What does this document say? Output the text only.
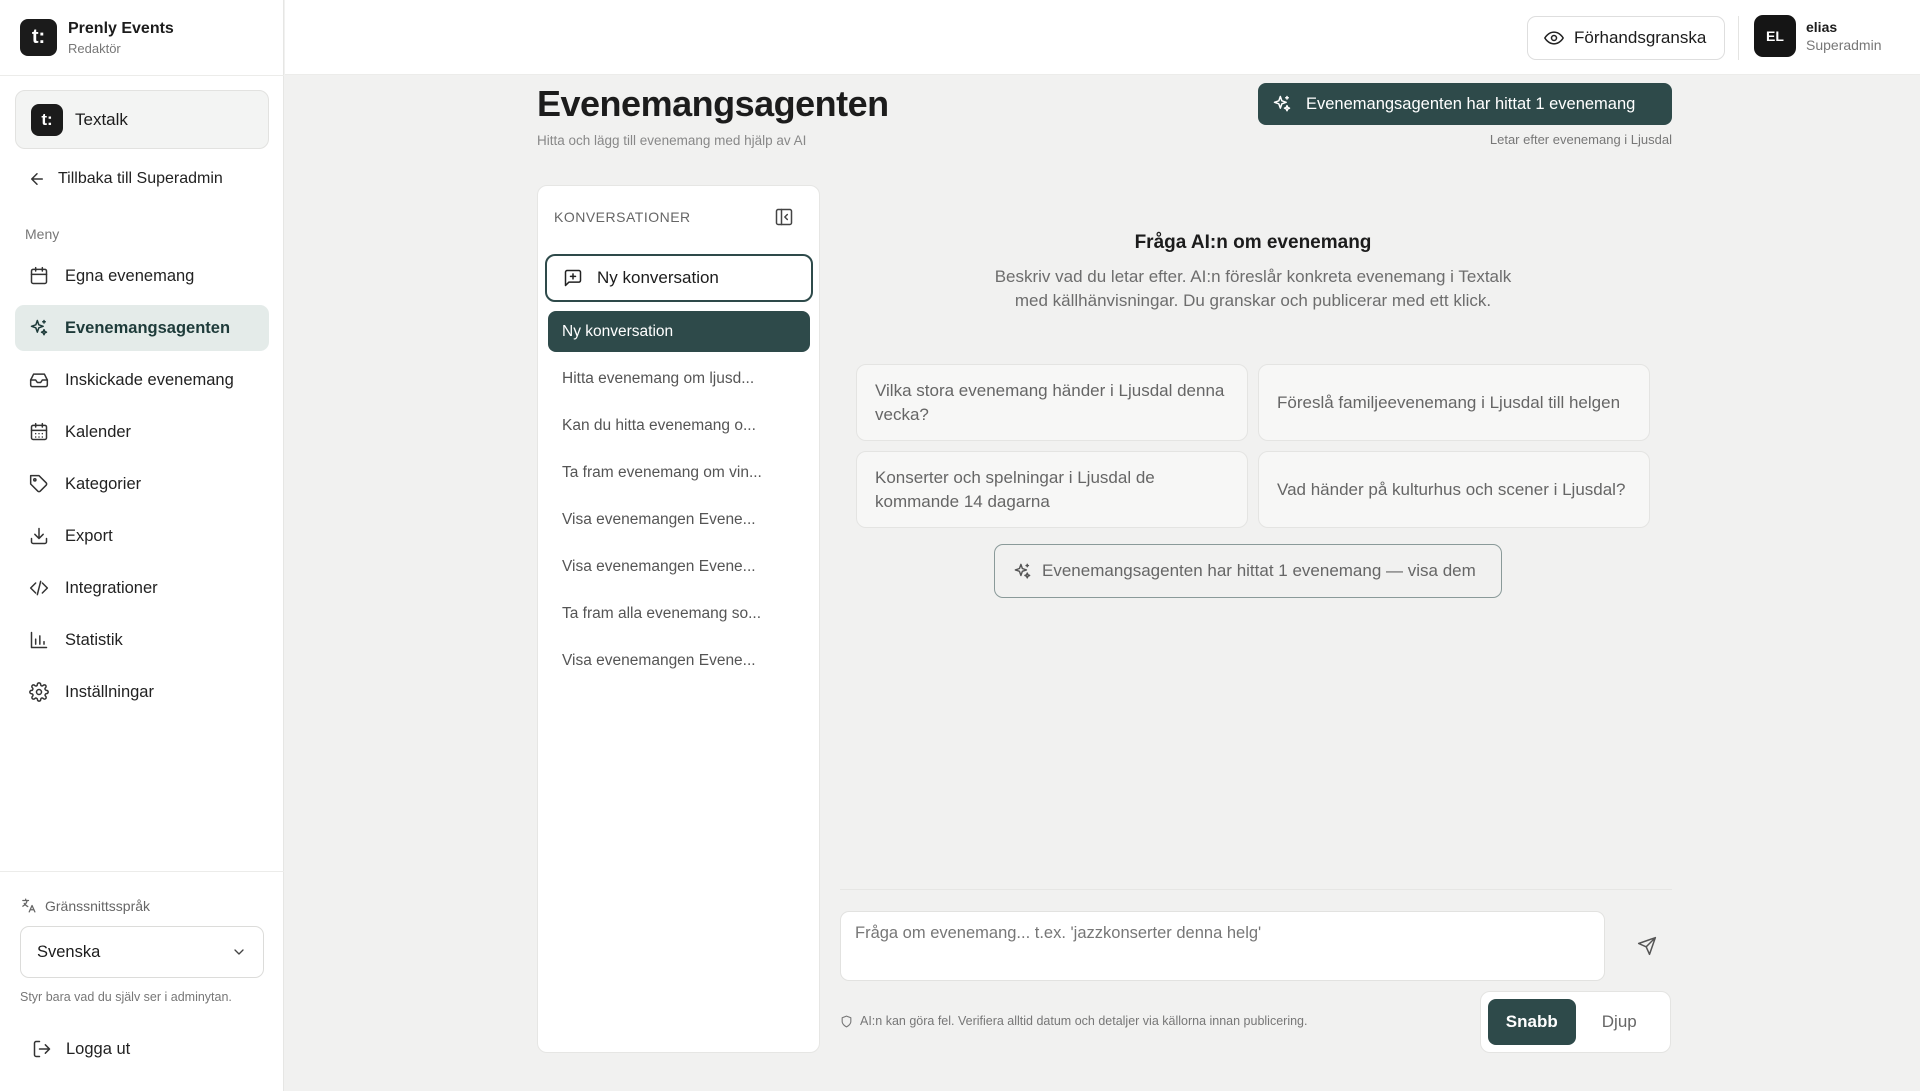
t:	Prenly Events
Redaktör
t:	Textalk
Tillbaka till Superadmin
Meny
Egna evenemang
Evenemangsagenten
Inskickade evenemang
Kalender
Kategorier
Export
Integrationer
Statistik
Inställningar
Gränssnittsspråk
Svenska
Styr bara vad du själv ser i adminytan.
Logga ut
Förhandsgranska	EL
elias
Superadmin
Evenemangsagenten
Hitta och lägg till evenemang med hjälp av AI
Evenemangsagenten har hittat 1 evenemang
Letar efter evenemang i Ljusdal
KONVERSATIONER
Ny konversation
Ny konversation
Hitta evenemang om ljusd...
Kan du hitta evenemang o...
Ta fram evenemang om vin...
Visa evenemangen Evene...
Visa evenemangen Evene...
Ta fram alla evenemang so...
Visa evenemangen Evene...
Fråga AI:n om evenemang

Beskriv vad du letar efter. AI:n föreslår konkreta evenemang i Textalk med källhänvisningar. Du granskar och publicerar med ett klick.

Vilka stora evenemang händer i Ljusdal denna vecka?
Föreslå familjeevenemang i Ljusdal till helgen
Konserter och spelningar i Ljusdal de kommande 14 dagarna
Vad händer på kulturhus och scener i Ljusdal?
Evenemangsagenten har hittat 1 evenemang — visa dem
Fråga om evenemang... t.ex. 'jazzkonserter denna helg'
AI:n kan göra fel. Verifiera alltid datum och detaljer via källorna innan publicering.	Snabb	Djup
